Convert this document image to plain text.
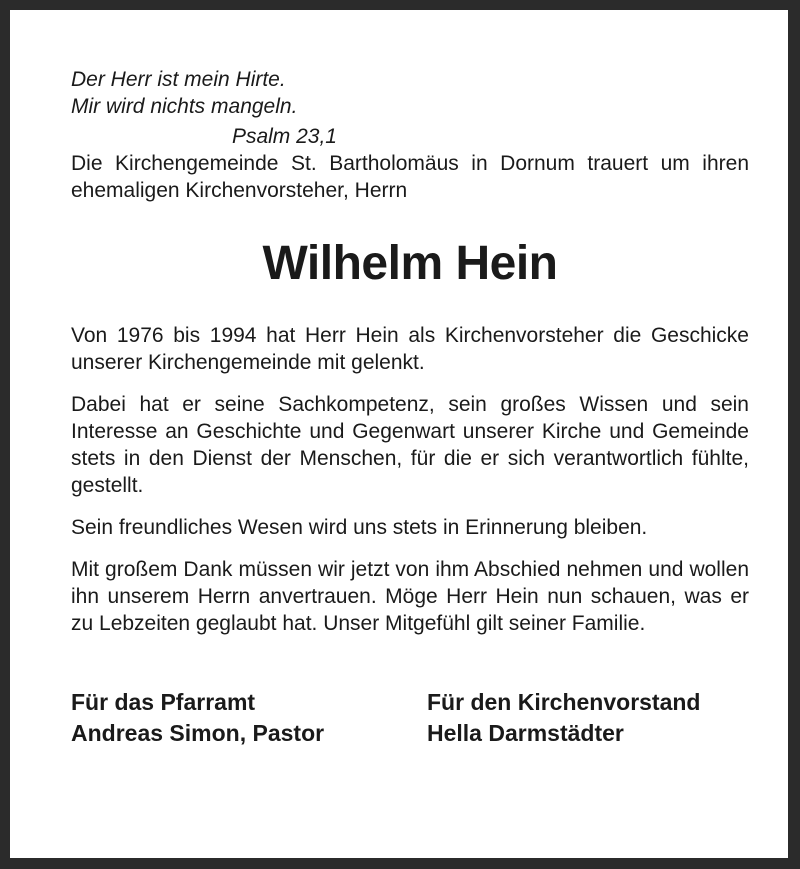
Der Herr ist mein Hirte.
Mir wird nichts mangeln.
Psalm 23,1

Die Kirchengemeinde St. Bartholomäus in Dornum trauert um ihren ehemaligen Kirchenvorsteher, Herrn

Wilhelm Hein

Von 1976 bis 1994 hat Herr Hein als Kirchenvorsteher die Geschicke unserer Kirchengemeinde mit gelenkt.

Dabei hat er seine Sachkompetenz, sein großes Wissen und sein Interesse an Geschichte und Gegenwart unserer Kirche und Gemeinde stets in den Dienst der Menschen, für die er sich verantwortlich fühlte, gestellt.

Sein freundliches Wesen wird uns stets in Erinnerung bleiben.

Mit großem Dank müssen wir jetzt von ihm Abschied nehmen und wollen ihn unserem Herrn anvertrauen. Möge Herr Hein nun schauen, was er zu Lebzeiten geglaubt hat. Unser Mitgefühl gilt seiner Familie.

Für das Pfarramt
Andreas Simon, Pastor
Für den Kirchenvorstand
Hella Darmstädter
